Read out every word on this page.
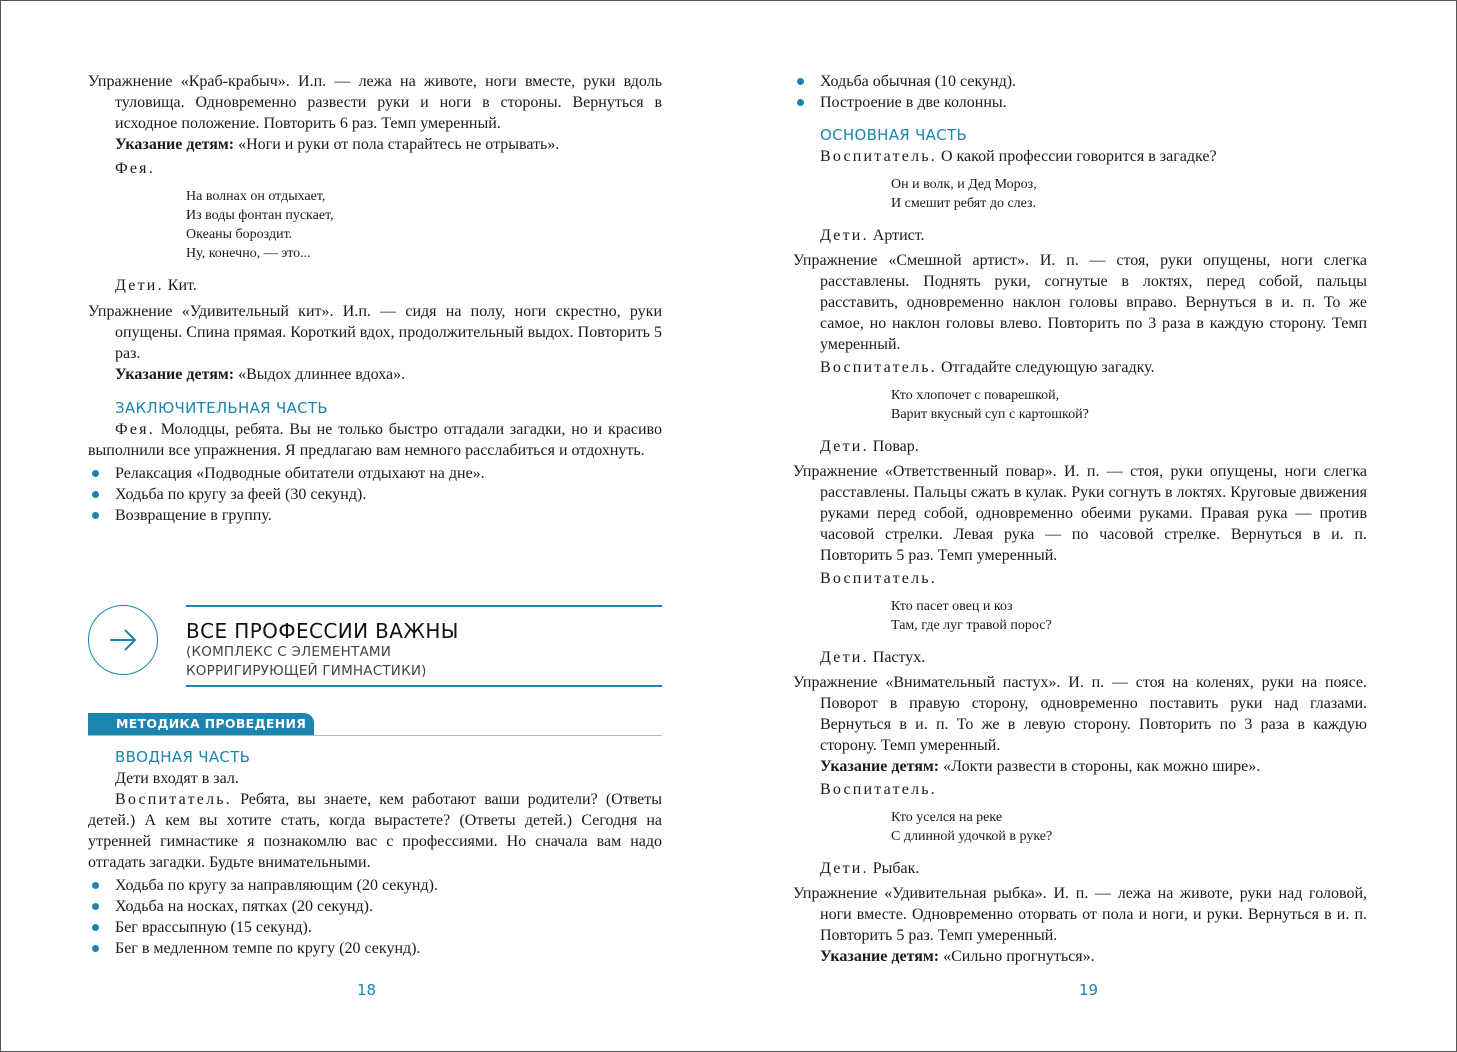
Упражнение «Краб-крабыч». И.п. — лежа на животе, ноги вместе, руки вдоль туловища. Одновременно развести руки и ноги в стороны. Вернуться в исходное положение. Повторить 6 раз. Темп умеренный.

Указание детям: «Ноги и руки от пола старайтесь не отрывать».

Фея.

На волнах он отдыхает,
Из воды фонтан пускает,
Океаны бороздит.
Ну, конечно, — это...

Дети. Кит.

Упражнение «Удивительный кит». И.п. — сидя на полу, ноги скрестно, руки опущены. Спина прямая. Короткий вдох, продолжительный выдох. Повторить 5 раз.

Указание детям: «Выдох длиннее вдоха».

ЗАКЛЮЧИТЕЛЬНАЯ ЧАСТЬ

Фея. Молодцы, ребята. Вы не только быстро отгадали загадки, но и красиво выполнили все упражнения. Я предлагаю вам немного расслабиться и отдохнуть.

Релаксация «Подводные обитатели отдыхают на дне».
Ходьба по кругу за феей (30 секунд).
Возвращение в группу.
ВСЕ ПРОФЕССИИ ВАЖНЫ
(КОМПЛЕКС С ЭЛЕМЕНТАМИ
КОРРИГИРУЮЩЕЙ ГИМНАСТИКИ)
МЕТОДИКА ПРОВЕДЕНИЯ
ВВОДНАЯ ЧАСТЬ

Дети входят в зал.

Воспитатель. Ребята, вы знаете, кем работают ваши родители? (Ответы детей.) А кем вы хотите стать, когда вырастете? (Ответы детей.) Сегодня на утренней гимнастике я познакомлю вас с профессиями. Но сначала вам надо отгадать загадки. Будьте внимательными.

Ходьба по кругу за направляющим (20 секунд).
Ходьба на носках, пятках (20 секунд).
Бег врассыпную (15 секунд).
Бег в медленном темпе по кругу (20 секунд).
18
Ходьба обычная (10 секунд).
Построение в две колонны.
ОСНОВНАЯ ЧАСТЬ

Воспитатель. О какой профессии говорится в загадке?

Он и волк, и Дед Мороз,
И смешит ребят до слез.

Дети. Артист.

Упражнение «Смешной артист». И. п. — стоя, руки опущены, ноги слегка расставлены. Поднять руки, согнутые в локтях, перед собой, пальцы расставить, одновременно наклон головы вправо. Вернуться в и. п. То же самое, но наклон головы влево. Повторить по 3 раза в каждую сторону. Темп умеренный.

Воспитатель. Отгадайте следующую загадку.

Кто хлопочет с поварешкой,
Варит вкусный суп с картошкой?

Дети. Повар.

Упражнение «Ответственный повар». И. п. — стоя, руки опущены, ноги слегка расставлены. Пальцы сжать в кулак. Руки согнуть в локтях. Круговые движения руками перед собой, одновременно обеими руками. Правая рука — против часовой стрелки. Левая рука — по часовой стрелке. Вернуться в и. п. Повторить 5 раз. Темп умеренный.

Воспитатель.

Кто пасет овец и коз
Там, где луг травой порос?

Дети. Пастух.

Упражнение «Внимательный пастух». И. п. — стоя на коленях, руки на поясе. Поворот в правую сторону, одновременно поставить руки над глазами. Вернуться в и. п. То же в левую сторону. Повторить по 3 раза в каждую сторону. Темп умеренный.

Указание детям: «Локти развести в стороны, как можно шире».

Воспитатель.

Кто уселся на реке
С длинной удочкой в руке?

Дети. Рыбак.

Упражнение «Удивительная рыбка». И. п. — лежа на животе, руки над головой, ноги вместе. Одновременно оторвать от пола и ноги, и руки. Вернуться в и. п. Повторить 5 раз. Темп умеренный.

Указание детям: «Сильно прогнуться».

19
